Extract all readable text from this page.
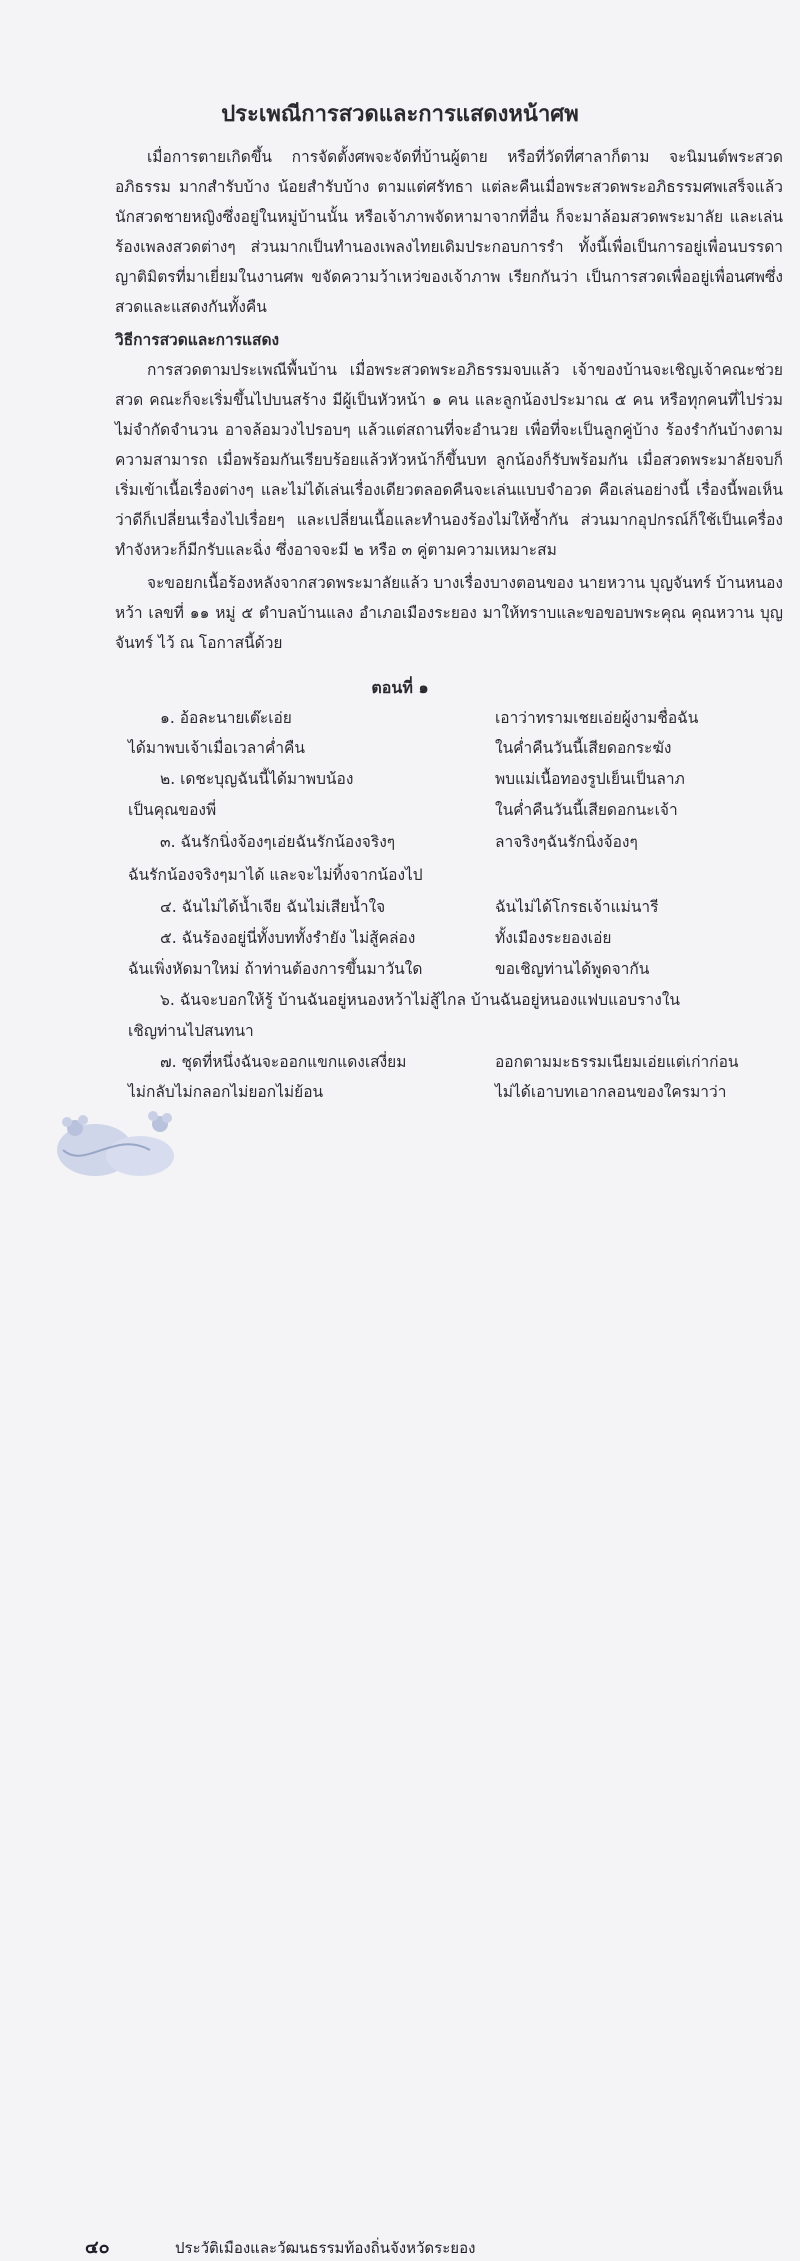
ประเพณีการสวดและการแสดงหน้าศพ

เมื่อการตายเกิดขึ้น การจัดตั้งศพจะจัดที่บ้านผู้ตาย หรือที่วัดที่ศาลาก็ตาม จะนิมนต์พระสวดอภิธรรม มากสำรับบ้าง น้อยสำรับบ้าง ตามแต่ศรัทธา แต่ละคืนเมื่อพระสวดพระอภิธรรมศพเสร็จแล้ว นักสวดชายหญิงซึ่งอยู่ในหมู่บ้านนั้น หรือเจ้าภาพจัดหามาจากที่อื่น ก็จะมาล้อมสวดพระมาลัย และเล่นร้องเพลงสวดต่างๆ ส่วนมากเป็นทำนองเพลงไทยเดิมประกอบการรำ ทั้งนี้เพื่อเป็นการอยู่เพื่อนบรรดาญาติมิตรที่มาเยี่ยมในงานศพ ขจัดความว้าเหว่ของเจ้าภาพ เรียกกันว่า เป็นการสวดเพื่ออยู่เพื่อนศพซึ่งสวดและแสดงกันทั้งคืน

วิธีการสวดและการแสดง

การสวดตามประเพณีพื้นบ้าน เมื่อพระสวดพระอภิธรรมจบแล้ว เจ้าของบ้านจะเชิญเจ้าคณะช่วยสวด คณะก็จะเริ่มขึ้นไปบนสร้าง มีผู้เป็นหัวหน้า ๑ คน และลูกน้องประมาณ ๕ คน หรือทุกคนที่ไปร่วมไม่จำกัดจำนวน อาจล้อมวงไปรอบๆ แล้วแต่สถานที่จะอำนวย เพื่อที่จะเป็นลูกคู่บ้าง ร้องรำกันบ้างตามความสามารถ เมื่อพร้อมกันเรียบร้อยแล้วหัวหน้าก็ขึ้นบท ลูกน้องก็รับพร้อมกัน เมื่อสวดพระมาลัยจบก็เริ่มเข้าเนื้อเรื่องต่างๆ และไม่ได้เล่นเรื่องเดียวตลอดคืนจะเล่นแบบจำอวด คือเล่นอย่างนี้ เรื่องนี้พอเห็นว่าดีก็เปลี่ยนเรื่องไปเรื่อยๆ และเปลี่ยนเนื้อและทำนองร้องไม่ให้ซ้ำกัน ส่วนมากอุปกรณ์ก็ใช้เป็นเครื่องทำจังหวะก็มีกรับและฉิ่ง ซึ่งอาจจะมี ๒ หรือ ๓ คู่ตามความเหมาะสม

จะขอยกเนื้อร้องหลังจากสวดพระมาลัยแล้ว บางเรื่องบางตอนของ นายหวาน บุญจันทร์ บ้านหนองหว้า เลขที่ ๑๑ หมู่ ๕ ตำบลบ้านแลง อำเภอเมืองระยอง มาให้ทราบและขอขอบพระคุณ คุณหวาน บุญจันทร์ ไว้ ณ โอกาสนี้ด้วย

ตอนที่ ๑
๑. อ้อละนายเต๊ะเอ่ย	เอาว่าทรามเชยเอ่ยผู้งามชื่อฉัน
ได้มาพบเจ้าเมื่อเวลาค่ำคืน	ในค่ำคืนวันนี้เสียดอกระฆัง
๒. เดชะบุญฉันนี้ได้มาพบน้อง	พบแม่เนื้อทองรูปเย็นเป็นลาภ
เป็นคุณของพี่	ในค่ำคืนวันนี้เสียดอกนะเจ้า
๓. ฉันรักนิ่งจ้องๆเอ่ยฉันรักน้องจริงๆ	ลาจริงๆฉันรักนิ่งจ้องๆ
ฉันรักน้องจริงๆมาได้ และจะไม่ทิ้งจากน้องไป
๔. ฉันไม่ได้น้ำเจีย ฉันไม่เสียน้ำใจ	ฉันไม่ได้โกรธเจ้าแม่นารี
๕. ฉันร้องอยู่นี่ทั้งบททั้งรำยัง ไม่สู้คล่อง	ทั้งเมืองระยองเอ่ย
ฉันเพิ่งหัดมาใหม่ ถ้าท่านต้องการขึ้นมาวันใด	ขอเชิญท่านได้พูดจากัน
๖. ฉันจะบอกให้รู้ บ้านฉันอยู่หนองหว้าไม่สู้ไกล บ้านฉันอยู่หนองแฟบแอบรางใน
เชิญท่านไปสนทนา
๗. ชุดที่หนึ่งฉันจะออกแขกแดงเสงี่ยม	ออกตามมะธรรมเนียมเอ่ยแต่เก่าก่อน
ไม่กลับไม่กลอกไม่ยอกไม่ย้อน	ไม่ได้เอาบทเอากลอนของใครมาว่า
๔๐	ประวัติเมืองและวัฒนธรรมท้องถิ่นจังหวัดระยอง
